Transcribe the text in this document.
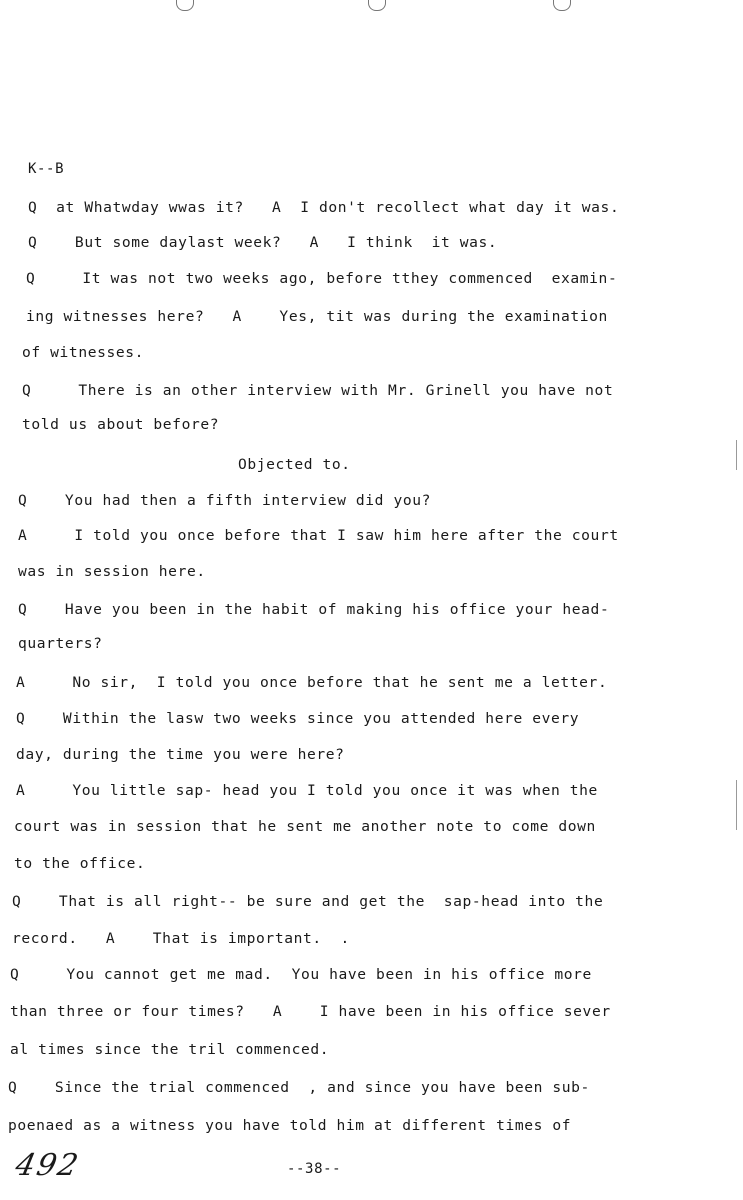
K--B
Q  at Whatwday wwas it?   A  I don't recollect what day it was.
Q    But some daylast week?   A   I think  it was.
Q     It was not two weeks ago, before tthey commenced  examin-
ing witnesses here?   A    Yes, tit was during the examination
of witnesses.
Q     There is an other interview with Mr. Grinell you have not
told us about before?
Objected to.
Q    You had then a fifth interview did you?
A     I told you once before that I saw him here after the court
was in session here.
Q    Have you been in the habit of making his office your head-
quarters?
A     No sir,  I told you once before that he sent me a letter.
Q    Within the lasw two weeks since you attended here every
day, during the time you were here?
A     You little sap- head you I told you once it was when the
court was in session that he sent me another note to come down
to the office.
Q    That is all right-- be sure and get the  sap-head into the
record.   A    That is important.  .
Q     You cannot get me mad.  You have been in his office more
than three or four times?   A    I have been in his office sever
al times since the tril commenced.
Q    Since the trial commenced  , and since you have been sub-
poenaed as a witness you have told him at different times of
492	--38--
